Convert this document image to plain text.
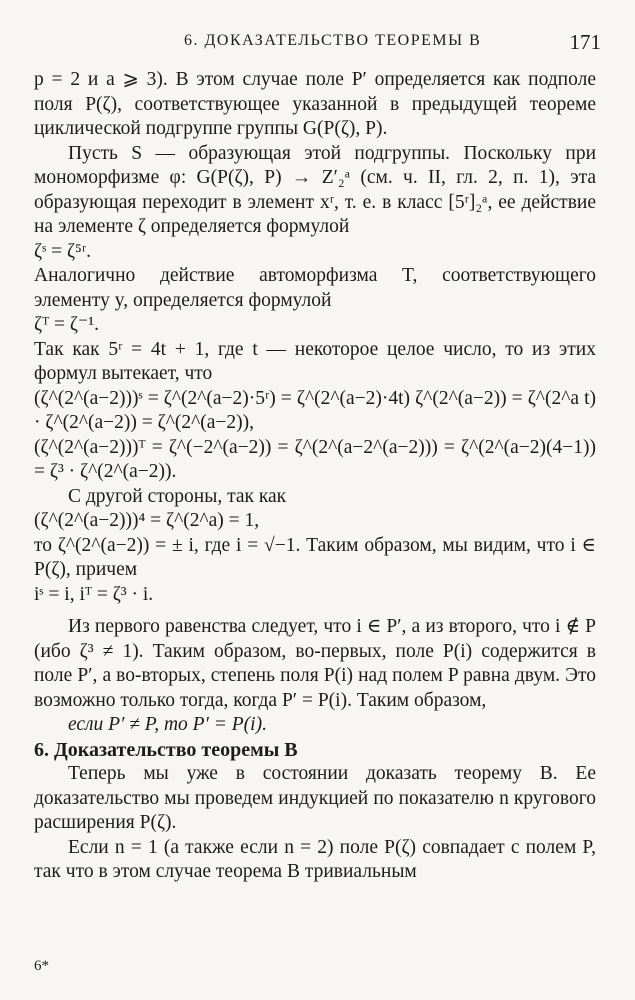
6. ДОКАЗАТЕЛЬСТВО ТЕОРЕМЫ В	171

p = 2 и a ⩾ 3). В этом случае поле P′ определяется как подполе поля P(ζ), соответствующее указанной в предыдущей теореме циклической подгруппе группы G(P(ζ), P).

Пусть S — образующая этой подгруппы. Поскольку при мономорфизме φ: G(P(ζ), P) → Z′₂ᵃ (см. ч. II, гл. 2, п. 1), эта образующая переходит в элемент xʳ, т. е. в класс [5ʳ]₂ᵃ, ее действие на элементе ζ определяется формулой

ζˢ = ζ⁵ʳ.

Аналогично действие автоморфизма T, соответствующего элементу y, определяется формулой

ζᵀ = ζ⁻¹.

Так как 5ʳ = 4t + 1, где t — некоторое целое число, то из этих формул вытекает, что

(ζ^(2^(a−2)))ˢ = ζ^(2^(a−2)·5ʳ) = ζ^(2^(a−2)·4t) ζ^(2^(a−2)) = ζ^(2^a t) · ζ^(2^(a−2)) = ζ^(2^(a−2)),

(ζ^(2^(a−2)))ᵀ = ζ^(−2^(a−2)) = ζ^(2^(a−2^(a−2))) = ζ^(2^(a−2)(4−1)) = ζ³ · ζ^(2^(a−2)).

С другой стороны, так как

(ζ^(2^(a−2)))⁴ = ζ^(2^a) = 1,

то ζ^(2^(a−2)) = ± i, где i = √−1. Таким образом, мы видим, что i ∈ P(ζ), причем

iˢ = i, iᵀ = ζ³ · i.

Из первого равенства следует, что i ∈ P′, а из второго, что i ∉ P (ибо ζ³ ≠ 1). Таким образом, во-первых, поле P(i) содержится в поле P′, а во-вторых, степень поля P(i) над полем P равна двум. Это возможно только тогда, когда P′ = P(i). Таким образом,

если P′ ≠ P, то P′ = P(i).

6. Доказательство теоремы В

Теперь мы уже в состоянии доказать теорему В. Ее доказательство мы проведем индукцией по показателю n кругового расширения P(ζ).

Если n = 1 (а также если n = 2) поле P(ζ) совпадает с полем P, так что в этом случае теорема В тривиальным

6*
